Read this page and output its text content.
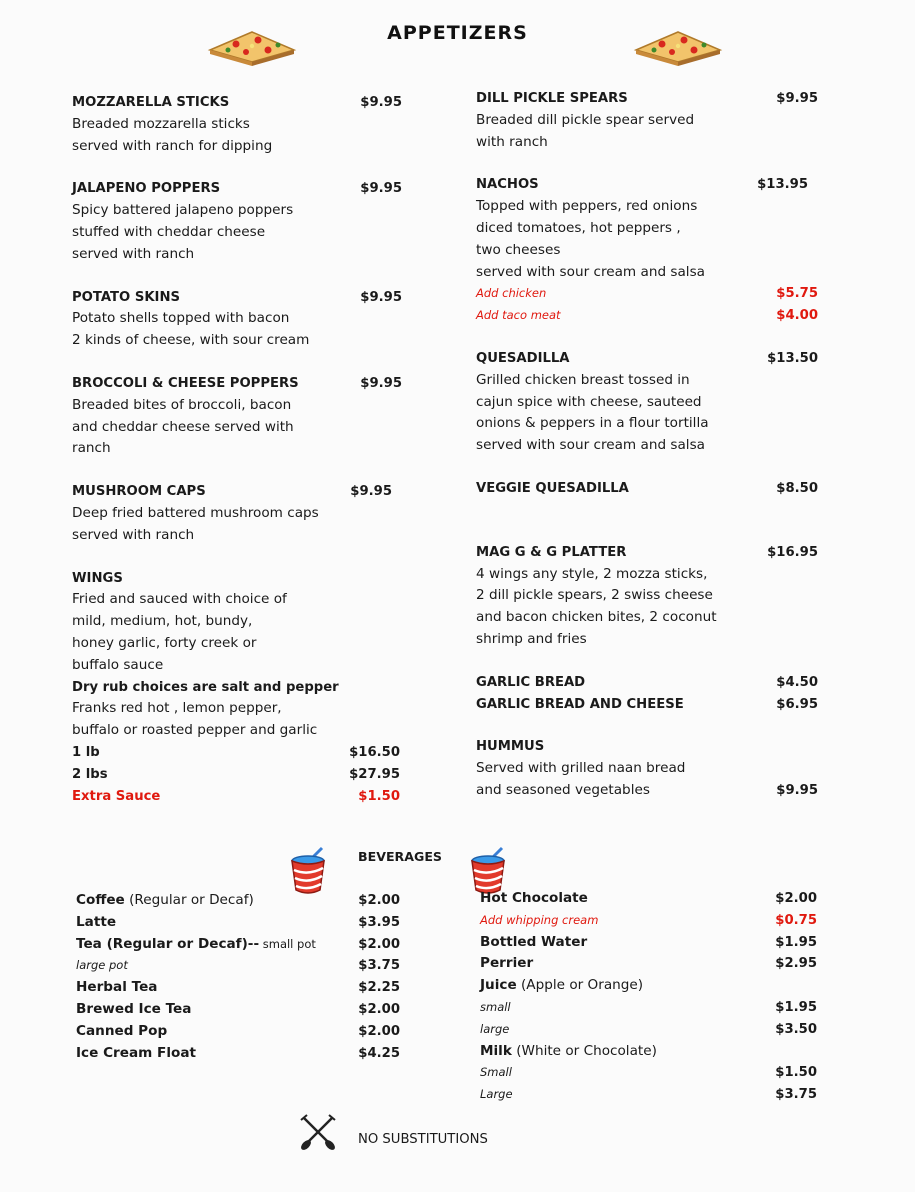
APPETIZERS
MOZZARELLA STICKS	$9.95
Breaded mozzarella sticks
served with ranch for dipping
JALAPENO POPPERS	$9.95
Spicy battered jalapeno poppers
stuffed with cheddar cheese
served with ranch
POTATO SKINS	$9.95
Potato shells topped with bacon
2 kinds of cheese, with sour cream
BROCCOLI & CHEESE POPPERS	$9.95
Breaded bites of broccoli, bacon
and cheddar cheese served with
ranch
MUSHROOM CAPS	$9.95
Deep fried battered mushroom caps
served with ranch
WINGS
Fried and sauced with choice of
mild, medium, hot, bundy,
honey garlic, forty creek or
buffalo sauce
Dry rub choices are salt and pepper
Franks red hot , lemon pepper,
buffalo or roasted pepper and garlic
1 lb	$16.50
2 lbs	$27.95
Extra Sauce	$1.50
DILL PICKLE SPEARS	$9.95
Breaded dill pickle spear served
with ranch
NACHOS	$13.95
Topped with peppers, red onions
diced tomatoes, hot peppers ,
two cheeses
served with sour cream and salsa
Add chicken	$5.75
Add taco meat	$4.00
QUESADILLA	$13.50
Grilled chicken breast tossed in
cajun spice with cheese, sauteed
onions & peppers in a flour tortilla
served with sour cream and salsa
VEGGIE QUESADILLA	$8.50
MAG G & G PLATTER	$16.95
4 wings any style, 2 mozza sticks,
2 dill pickle spears, 2 swiss cheese
and bacon chicken bites, 2 coconut
shrimp and fries
GARLIC BREAD	$4.50
GARLIC BREAD AND CHEESE	$6.95
HUMMUS
Served with grilled naan bread
and seasoned vegetables	$9.95
BEVERAGES
Coffee (Regular or Decaf)	$2.00
Latte	$3.95
Tea (Regular or Decaf)-- small pot	$2.00
large pot	$3.75
Herbal Tea	$2.25
Brewed Ice Tea	$2.00
Canned Pop	$2.00
Ice Cream Float	$4.25
Hot Chocolate	$2.00
Add whipping cream	$0.75
Bottled Water	$1.95
Perrier	$2.95
Juice (Apple or Orange)
small	$1.95
large	$3.50
Milk (White or Chocolate)
Small	$1.50
Large	$3.75
NO SUBSTITUTIONS
